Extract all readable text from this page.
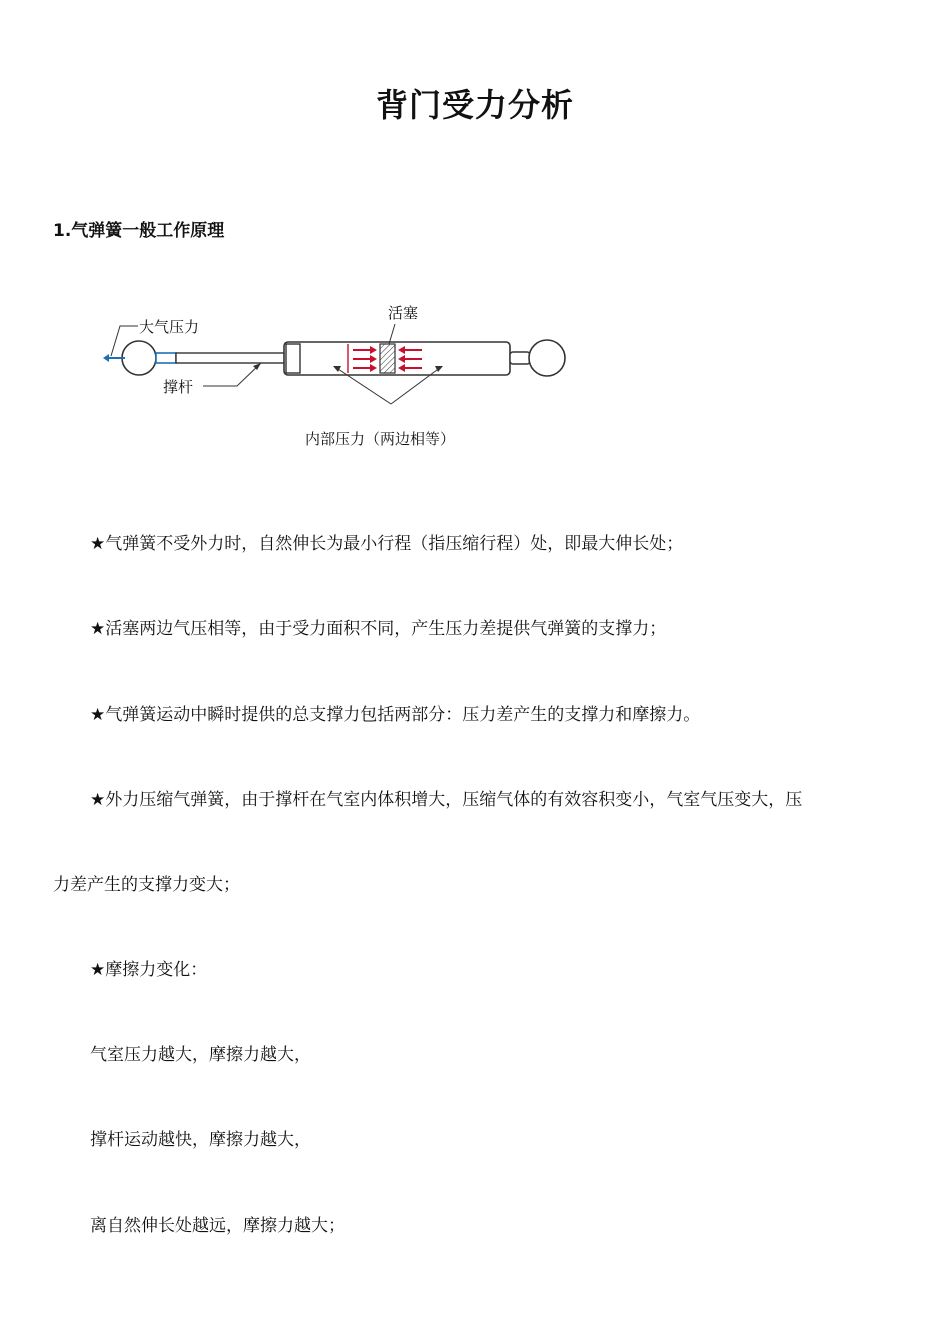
背门受力分析
1.气弹簧一般工作原理
大气压力
活塞
撑杆
内部压力（两边相等）
★气弹簧不受外力时，自然伸长为最小行程（指压缩行程）处，即最大伸长处；
★活塞两边气压相等，由于受力面积不同，产生压力差提供气弹簧的支撑力；
★气弹簧运动中瞬时提供的总支撑力包括两部分：压力差产生的支撑力和摩擦力。
★外力压缩气弹簧，由于撑杆在气室内体积增大，压缩气体的有效容积变小，气室气压变大，压
力差产生的支撑力变大；
★摩擦力变化：
气室压力越大，摩擦力越大，
撑杆运动越快，摩擦力越大，
离自然伸长处越远，摩擦力越大；
